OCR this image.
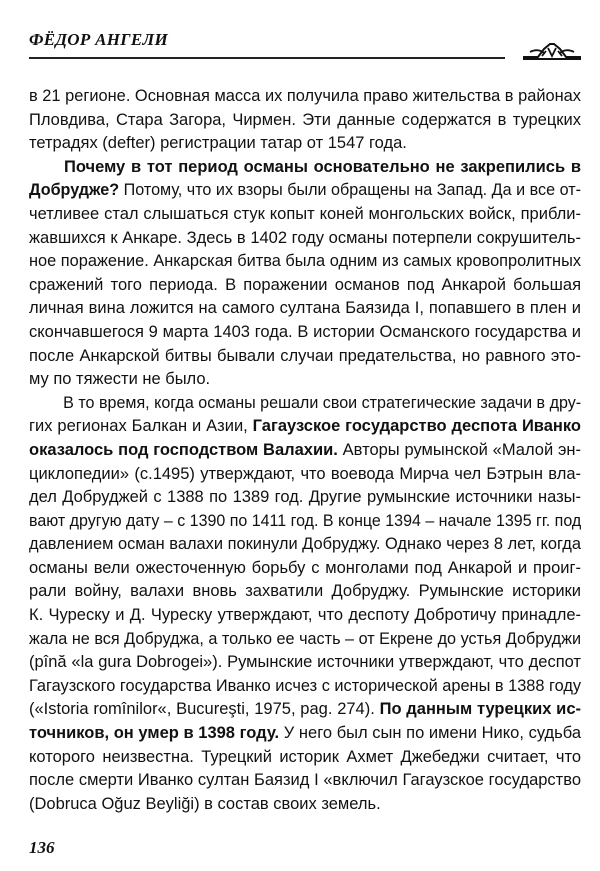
ФЁДОР АНГЕЛИ
в 21 регионе. Основная масса их получила право жительства в районах
Пловдива, Стара Загора, Чирмен. Эти данные содержатся в турецких
тетрадях (defter) регистрации татар от 1547 года.
Почему в тот период османы основательно не закрепились в
Добрудже? Потому, что их взоры были обращены на Запад. Да и все от-
четливее стал слышаться стук копыт коней монгольских войск, прибли-
жавшихся к Анкаре. Здесь в 1402 году османы потерпели сокрушитель-
ное поражение. Анкарская битва была одним из самых кровопролитных
сражений того периода. В поражении османов под Анкарой большая
личная вина ложится на самого султана Баязида I, попавшего в плен и
скончавшегося 9 марта 1403 года. В истории Османского государства и
после Анкарской битвы бывали случаи предательства, но равного это-
му по тяжести не было.
В то время, когда османы решали свои стратегические задачи в дру-
гих регионах Балкан и Азии, Гагаузское государство деспота Иванко
оказалось под господством Валахии. Авторы румынской «Малой эн-
циклопедии» (с.1495) утверждают, что воевода Мирча чел Бэтрын вла-
дел Добруджей с 1388 по 1389 год. Другие румынские источники назы-
вают другую дату – с 1390 по 1411 год. В конце 1394 – начале 1395 гг. под
давлением осман валахи покинули Добруджу. Однако через 8 лет, когда
османы вели ожесточенную борьбу с монголами под Анкарой и проиг-
рали войну, валахи вновь захватили Добруджу. Румынские историки
К. Чуреску и Д. Чуреску утверждают, что деспоту Добротичу принадле-
жала не вся Добруджа, а только ее часть – от Екрене до устья Добруджи
(pînă «la gura Dobrogei»). Румынские источники утверждают, что деспот
Гагаузского государства Иванко исчез с исторической арены в 1388 году
(«Istoria romînilor«, Bucureşti, 1975, pag. 274). По данным турецких ис-
точников, он умер в 1398 году. У него был сын по имени Нико, судьба
которого неизвестна. Турецкий историк Ахмет Джебеджи считает, что
после смерти Иванко султан Баязид I «включил Гагаузское государство
(Dobruca Oğuz Beyliği) в состав своих земель.
136
